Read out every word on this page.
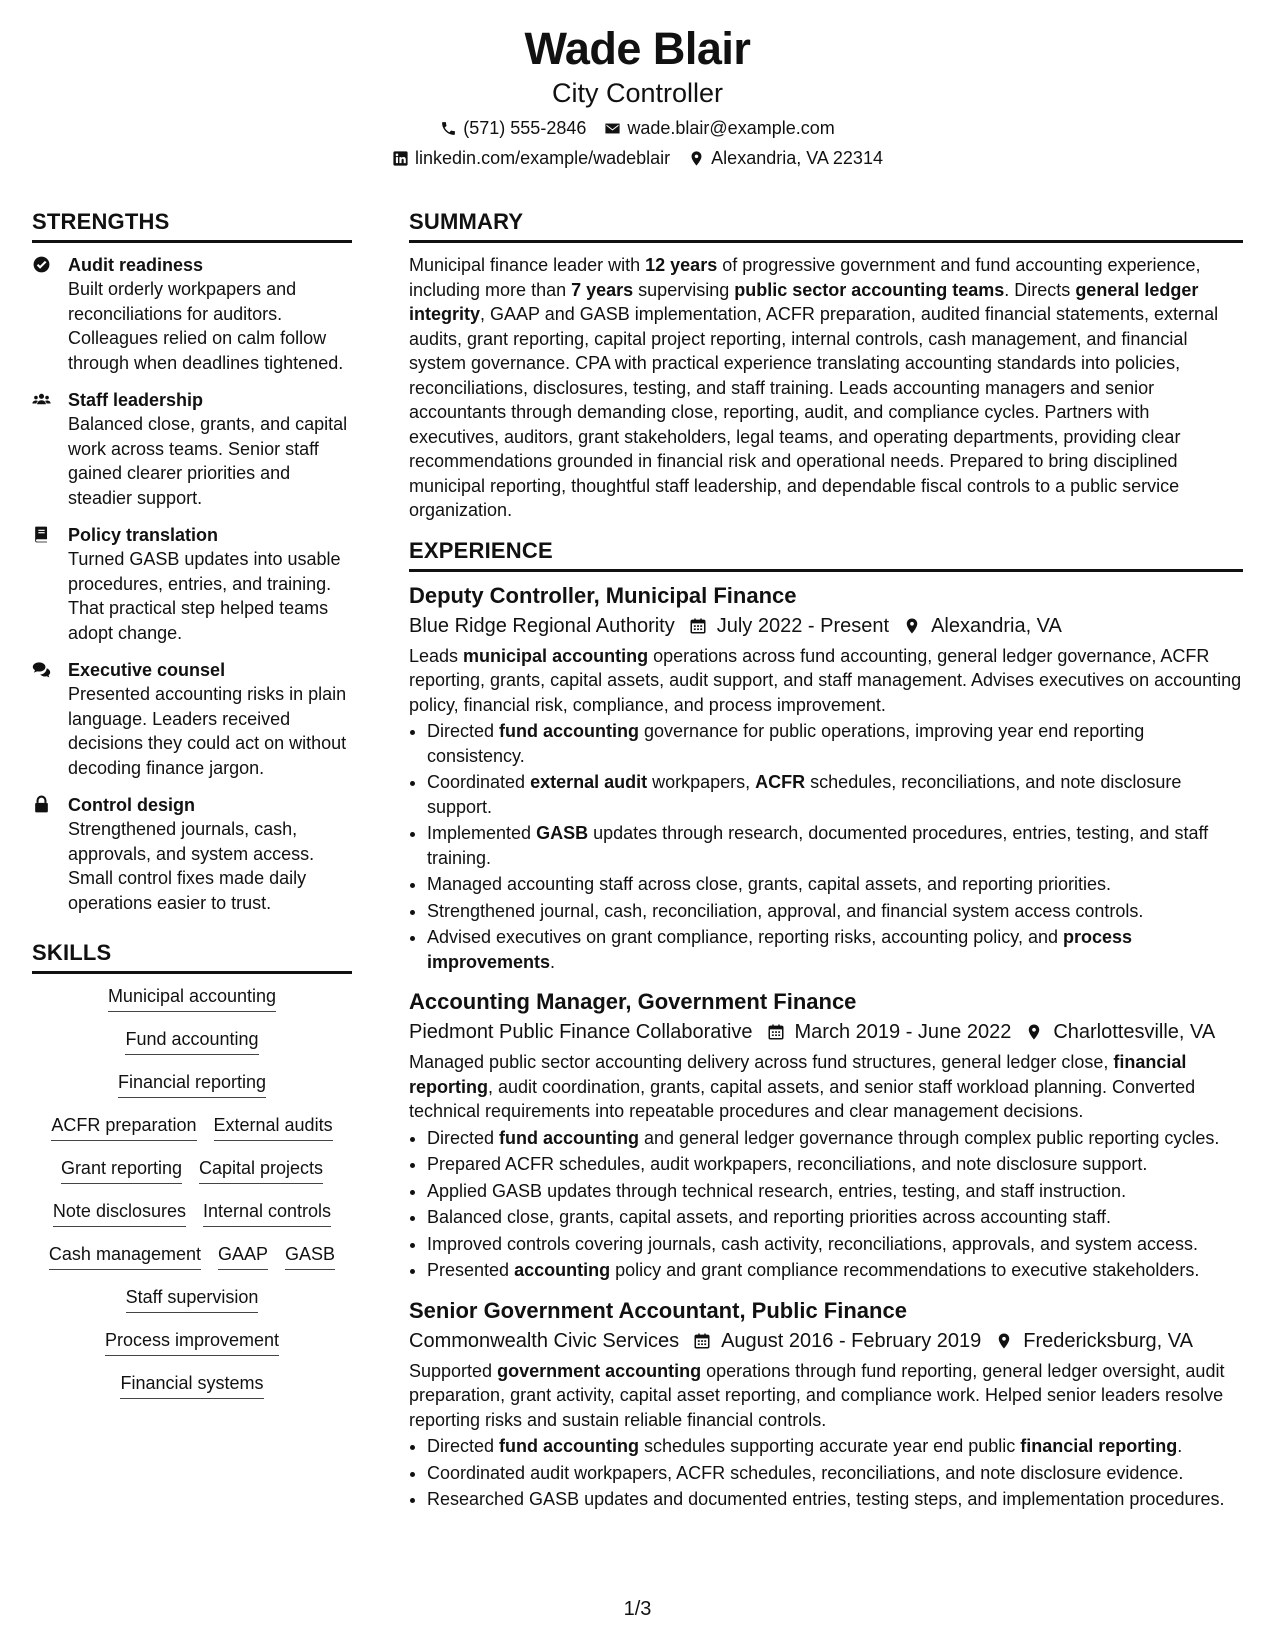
Wade Blair
City Controller
(571) 555-2846 wade.blair@example.com
linkedin.com/example/wadeblair Alexandria, VA 22314
STRENGTHS
Audit readiness
Built orderly workpapers and reconciliations for auditors. Colleagues relied on calm follow through when deadlines tightened.
Staff leadership
Balanced close, grants, and capital work across teams. Senior staff gained clearer priorities and steadier support.
Policy translation
Turned GASB updates into usable procedures, entries, and training. That practical step helped teams adopt change.
Executive counsel
Presented accounting risks in plain language. Leaders received decisions they could act on without decoding finance jargon.
Control design
Strengthened journals, cash, approvals, and system access. Small control fixes made daily operations easier to trust.
SKILLS
Municipal accounting
Fund accounting
Financial reporting
ACFR preparation External audits
Grant reporting Capital projects
Note disclosures Internal controls
Cash management GAAP GASB
Staff supervision
Process improvement
Financial systems
SUMMARY
Municipal finance leader with 12 years of progressive government and fund accounting experience, including more than 7 years supervising public sector accounting teams. Directs general ledger integrity, GAAP and GASB implementation, ACFR preparation, audited financial statements, external audits, grant reporting, capital project reporting, internal controls, cash management, and financial system governance. CPA with practical experience translating accounting standards into policies, reconciliations, disclosures, testing, and staff training. Leads accounting managers and senior accountants through demanding close, reporting, audit, and compliance cycles. Partners with executives, auditors, grant stakeholders, legal teams, and operating departments, providing clear recommendations grounded in financial risk and operational needs. Prepared to bring disciplined municipal reporting, thoughtful staff leadership, and dependable fiscal controls to a public service organization.
EXPERIENCE
Deputy Controller, Municipal Finance
Blue Ridge Regional Authority July 2022 - Present Alexandria, VA
Leads municipal accounting operations across fund accounting, general ledger governance, ACFR reporting, grants, capital assets, audit support, and staff management. Advises executives on accounting policy, financial risk, compliance, and process improvement.
• Directed fund accounting governance for public operations, improving year end reporting consistency.
• Coordinated external audit workpapers, ACFR schedules, reconciliations, and note disclosure support.
• Implemented GASB updates through research, documented procedures, entries, testing, and staff training.
• Managed accounting staff across close, grants, capital assets, and reporting priorities.
• Strengthened journal, cash, reconciliation, approval, and financial system access controls.
• Advised executives on grant compliance, reporting risks, accounting policy, and process improvements.
Accounting Manager, Government Finance
Piedmont Public Finance Collaborative March 2019 - June 2022 Charlottesville, VA
Managed public sector accounting delivery across fund structures, general ledger close, financial reporting, audit coordination, grants, capital assets, and senior staff workload planning. Converted technical requirements into repeatable procedures and clear management decisions.
• Directed fund accounting and general ledger governance through complex public reporting cycles.
• Prepared ACFR schedules, audit workpapers, reconciliations, and note disclosure support.
• Applied GASB updates through technical research, entries, testing, and staff instruction.
• Balanced close, grants, capital assets, and reporting priorities across accounting staff.
• Improved controls covering journals, cash activity, reconciliations, approvals, and system access.
• Presented accounting policy and grant compliance recommendations to executive stakeholders.
Senior Government Accountant, Public Finance
Commonwealth Civic Services August 2016 - February 2019 Fredericksburg, VA
Supported government accounting operations through fund reporting, general ledger oversight, audit preparation, grant activity, capital asset reporting, and compliance work. Helped senior leaders resolve reporting risks and sustain reliable financial controls.
• Directed fund accounting schedules supporting accurate year end public financial reporting.
• Coordinated audit workpapers, ACFR schedules, reconciliations, and note disclosure evidence.
• Researched GASB updates and documented entries, testing steps, and implementation procedures.
1/3
